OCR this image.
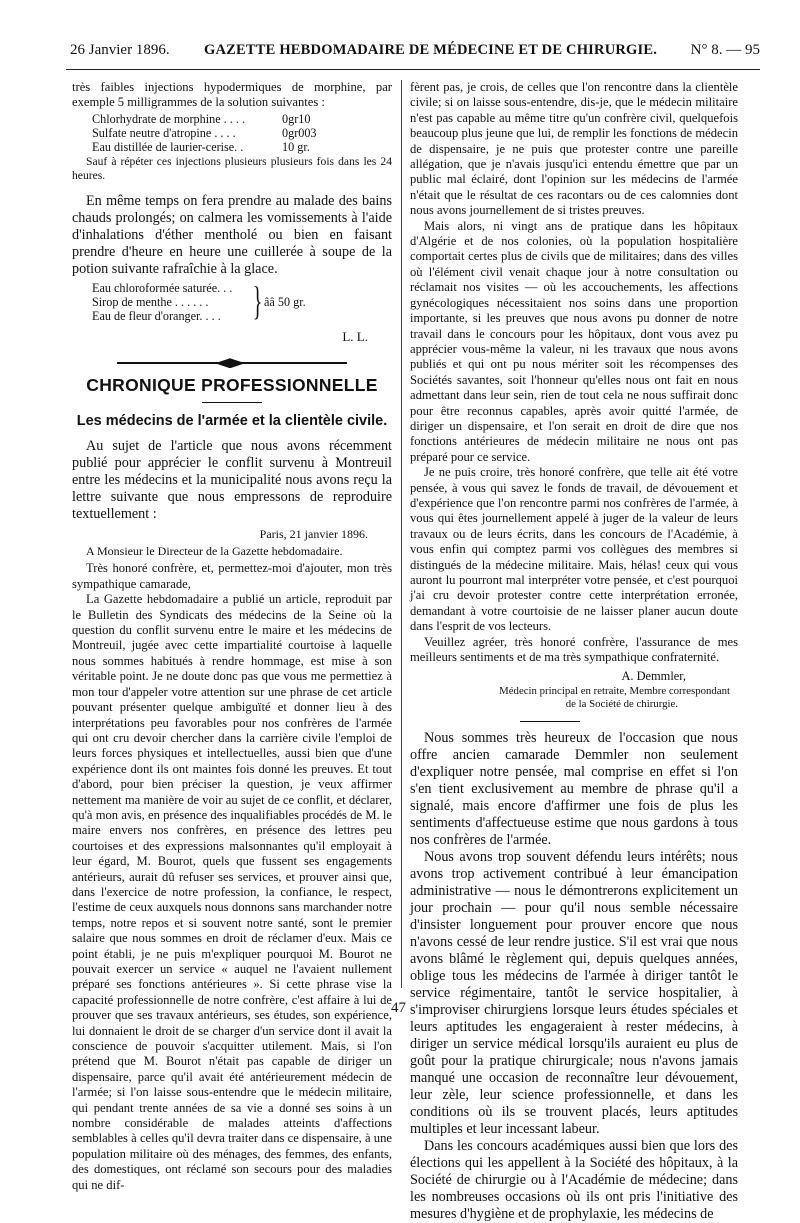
26 Janvier 1896. GAZETTE HEBDOMADAIRE DE MÉDECINE ET DE CHIRURGIE. N° 8. — 95

très faibles injections hypodermiques de morphine, par exemple 5 milligrammes de la solution suivantes :

Chlorhydrate de morphine . . . .	0gr10
Sulfate neutre d'atropine . . . .	0gr003
Eau distillée de laurier-cerise. .	10 gr.

Sauf à répéter ces injections plusieurs plusieurs fois dans les 24 heures.

En même temps on fera prendre au malade des bains chauds prolongés; on calmera les vomissements à l'aide d'inhalations d'éther mentholé ou bien en faisant prendre d'heure en heure une cuillerée à soupe de la potion suivante rafraîchie à la glace.

Eau chloroformée saturée. . .
Sirop de menthe . . . . . .
Eau de fleur d'oranger. . . . } ââ 50 gr.
L. L.
CHRONIQUE PROFESSIONNELLE
Les médecins de l'armée et la clientèle civile.

Au sujet de l'article que nous avons récemment publié pour apprécier le conflit survenu à Montreuil entre les médecins et la municipalité nous avons reçu la lettre suivante que nous empressons de reproduire textuellement :

Paris, 21 janvier 1896.
A Monsieur le Directeur de la Gazette hebdomadaire.

Très honoré confrère, et, permettez-moi d'ajouter, mon très sympathique camarade,

La Gazette hebdomadaire a publié un article, reproduit par le Bulletin des Syndicats des médecins de la Seine où la question du conflit survenu entre le maire et les médecins de Montreuil, jugée avec cette impartialité courtoise à laquelle nous sommes habitués à rendre hommage, est mise à son véritable point. Je ne doute donc pas que vous me permettiez à mon tour d'appeler votre attention sur une phrase de cet article pouvant présenter quelque ambiguïté et donner lieu à des interprétations peu favorables pour nos confrères de l'armée qui ont cru devoir chercher dans la carrière civile l'emploi de leurs forces physiques et intellectuelles, aussi bien que d'une expérience dont ils ont maintes fois donné les preuves. Et tout d'abord, pour bien préciser la question, je veux affirmer nettement ma manière de voir au sujet de ce conflit, et déclarer, qu'à mon avis, en présence des inqualifiables procédés de M. le maire envers nos confrères, en présence des lettres peu courtoises et des expressions malsonnantes qu'il employait à leur égard, M. Bourot, quels que fussent ses engagements antérieurs, aurait dû refuser ses services, et prouver ainsi que, dans l'exercice de notre profession, la confiance, le respect, l'estime de ceux auxquels nous donnons sans marchander notre temps, notre repos et si souvent notre santé, sont le premier salaire que nous sommes en droit de réclamer d'eux. Mais ce point établi, je ne puis m'expliquer pourquoi M. Bourot ne pouvait exercer un service « auquel ne l'avaient nullement préparé ses fonctions antérieures ». Si cette phrase vise la capacité professionnelle de notre confrère, c'est affaire à lui de prouver que ses travaux antérieurs, ses études, son expérience, lui donnaient le droit de se charger d'un service dont il avait la conscience de pouvoir s'acquitter utilement. Mais, si l'on prétend que M. Bourot n'était pas capable de diriger un dispensaire, parce qu'il avait été antérieurement médecin de l'armée; si l'on laisse sous-entendre que le médecin militaire, qui pendant trente années de sa vie a donné ses soins à un nombre considérable de malades atteints d'affections semblables à celles qu'il devra traiter dans ce dispensaire, à une population militaire où des ménages, des femmes, des enfants, des domestiques, ont réclamé son secours pour des maladies qui ne dif-

fèrent pas, je crois, de celles que l'on rencontre dans la clientèle civile; si on laisse sous-entendre, dis-je, que le médecin militaire n'est pas capable au même titre qu'un confrère civil, quelquefois beaucoup plus jeune que lui, de remplir les fonctions de médecin de dispensaire, je ne puis que protester contre une pareille allégation, que je n'avais jusqu'ici entendu émettre que par un public mal éclairé, dont l'opinion sur les médecins de l'armée n'était que le résultat de ces racontars ou de ces calomnies dont nous avons journellement de si tristes preuves.

Mais alors, ni vingt ans de pratique dans les hôpitaux d'Algérie et de nos colonies, où la population hospitalière comportait certes plus de civils que de militaires; dans des villes où l'élément civil venait chaque jour à notre consultation ou réclamait nos visites — où les accouchements, les affections gynécologiques nécessitaient nos soins dans une proportion importante, si les preuves que nous avons pu donner de notre travail dans le concours pour les hôpitaux, dont vous avez pu apprécier vous-même la valeur, ni les travaux que nous avons publiés et qui ont pu nous mériter soit les récompenses des Sociétés savantes, soit l'honneur qu'elles nous ont fait en nous admettant dans leur sein, rien de tout cela ne nous suffirait donc pour être reconnus capables, après avoir quitté l'armée, de diriger un dispensaire, et l'on serait en droit de dire que nos fonctions antérieures de médecin militaire ne nous ont pas préparé pour ce service.

Je ne puis croire, très honoré confrère, que telle ait été votre pensée, à vous qui savez le fonds de travail, de dévouement et d'expérience que l'on rencontre parmi nos confrères de l'armée, à vous qui êtes journellement appelé à juger de la valeur de leurs travaux ou de leurs écrits, dans les concours de l'Académie, à vous enfin qui comptez parmi vos collègues des membres si distingués de la médecine militaire. Mais, hélas! ceux qui vous auront lu pourront mal interpréter votre pensée, et c'est pourquoi j'ai cru devoir protester contre cette interprétation erronée, demandant à votre courtoisie de ne laisser planer aucun doute dans l'esprit de vos lecteurs.

Veuillez agréer, très honoré confrère, l'assurance de mes meilleurs sentiments et de ma très sympathique confraternité.

A. Demmler,
Médecin principal en retraite, Membre correspondant
de la Société de chirurgie.

Nous sommes très heureux de l'occasion que nous offre ancien camarade Demmler non seulement d'expliquer notre pensée, mal comprise en effet si l'on s'en tient exclusivement au membre de phrase qu'il a signalé, mais encore d'affirmer une fois de plus les sentiments d'affectueuse estime que nous gardons à tous nos confrères de l'armée.

Nous avons trop souvent défendu leurs intérêts; nous avons trop activement contribué à leur émancipation administrative — nous le démontrerons explicitement un jour prochain — pour qu'il nous semble nécessaire d'insister longuement pour prouver encore que nous n'avons cessé de leur rendre justice. S'il est vrai que nous avons blâmé le règlement qui, depuis quelques années, oblige tous les médecins de l'armée à diriger tantôt le service régimentaire, tantôt le service hospitalier, à s'improviser chirurgiens lorsque leurs études spéciales et leurs aptitudes les engageraient à rester médecins, à diriger un service médical lorsqu'ils auraient eu plus de goût pour la pratique chirurgicale; nous n'avons jamais manqué une occasion de reconnaître leur dévouement, leur zèle, leur science professionnelle, et dans les conditions où ils se trouvent placés, leurs aptitudes multiples et leur incessant labeur.

Dans les concours académiques aussi bien que lors des élections qui les appellent à la Société des hôpitaux, à la Société de chirurgie ou à l'Académie de médecine; dans les nombreuses occasions où ils ont pris l'initiative des mesures d'hygiène et de prophylaxie, les médecins de

47
